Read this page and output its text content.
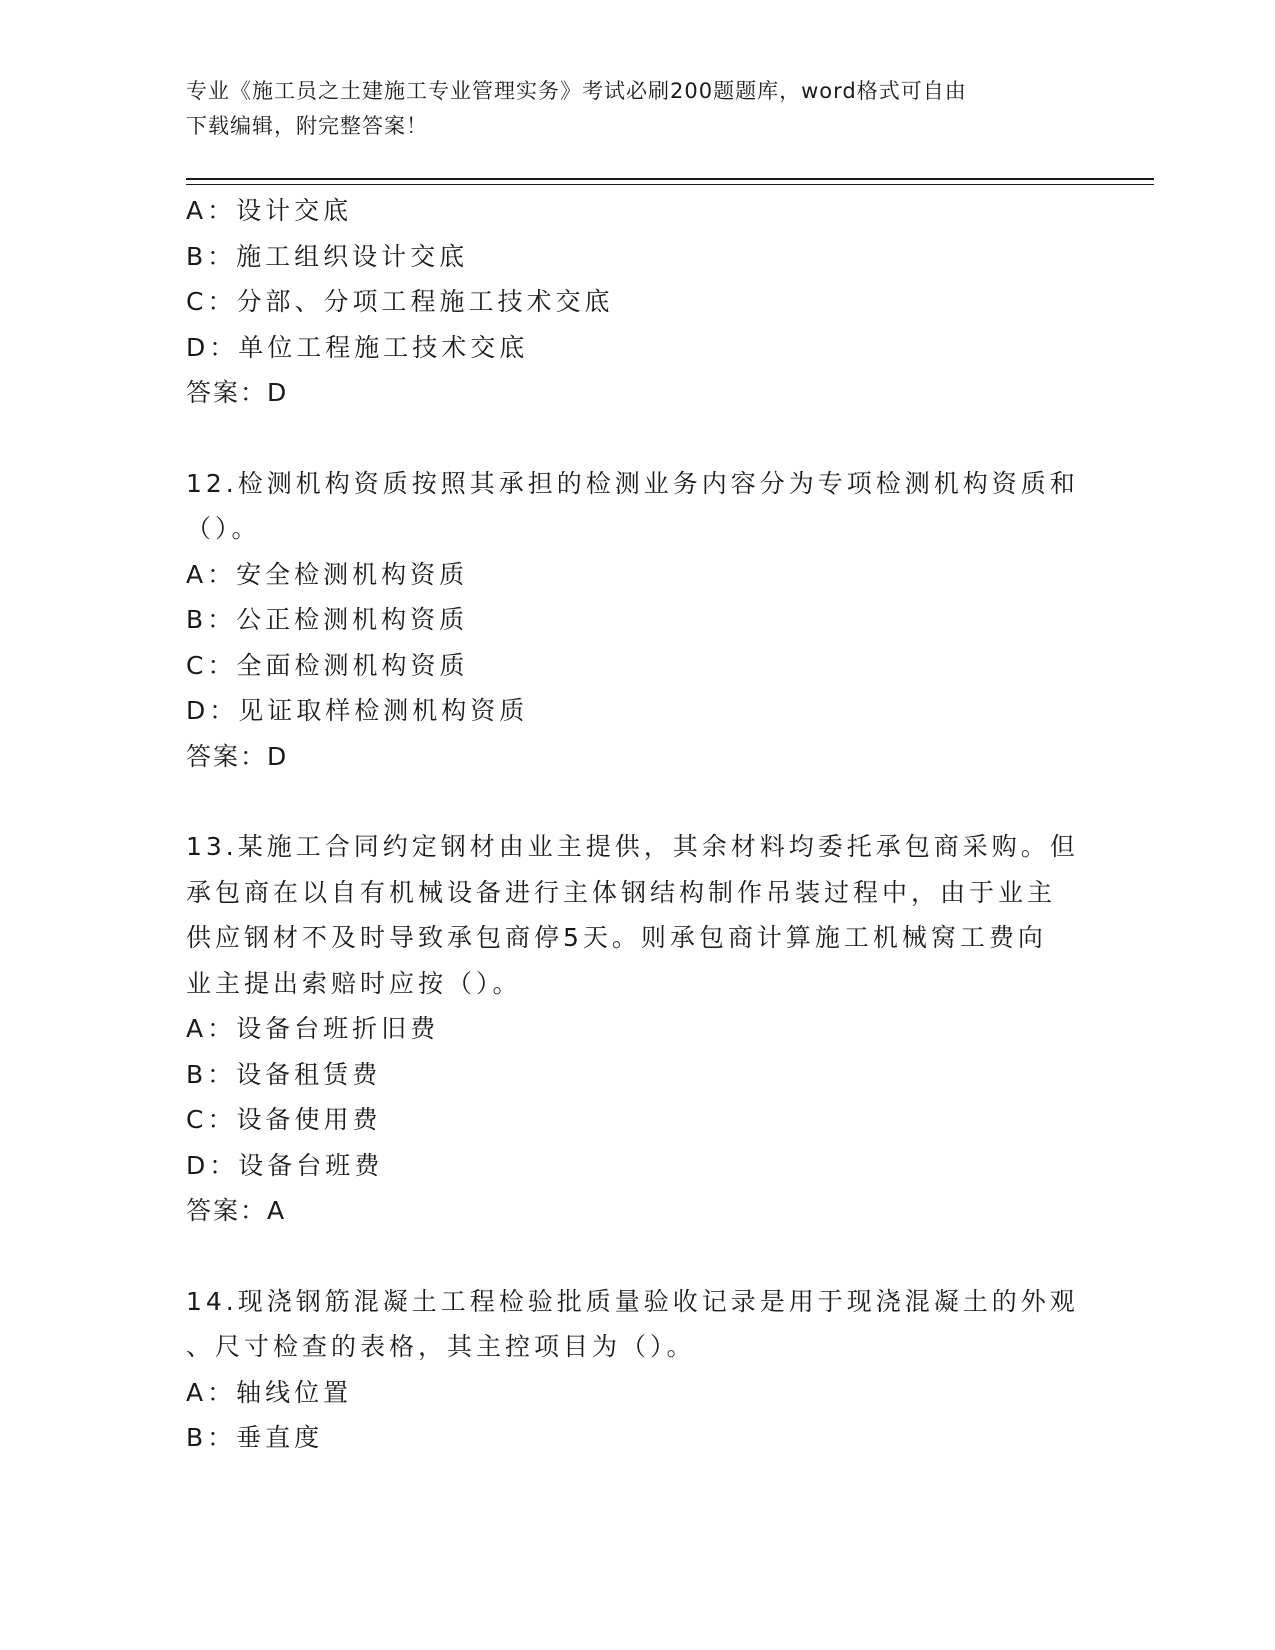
专业《施工员之土建施工专业管理实务》考试必刷200题题库，word格式可自由
下载编辑，附完整答案！
A：设计交底
B：施工组织设计交底
C：分部、分项工程施工技术交底
D：单位工程施工技术交底
答案：D
12.检测机构资质按照其承担的检测业务内容分为专项检测机构资质和
（）。
A：安全检测机构资质
B：公正检测机构资质
C：全面检测机构资质
D：见证取样检测机构资质
答案：D
13.某施工合同约定钢材由业主提供，其余材料均委托承包商采购。但
承包商在以自有机械设备进行主体钢结构制作吊装过程中，由于业主
供应钢材不及时导致承包商停5天。则承包商计算施工机械窝工费向
业主提出索赔时应按（）。
A：设备台班折旧费
B：设备租赁费
C：设备使用费
D：设备台班费
答案：A
14.现浇钢筋混凝土工程检验批质量验收记录是用于现浇混凝土的外观
、尺寸检查的表格，其主控项目为（）。
A：轴线位置
B：垂直度
